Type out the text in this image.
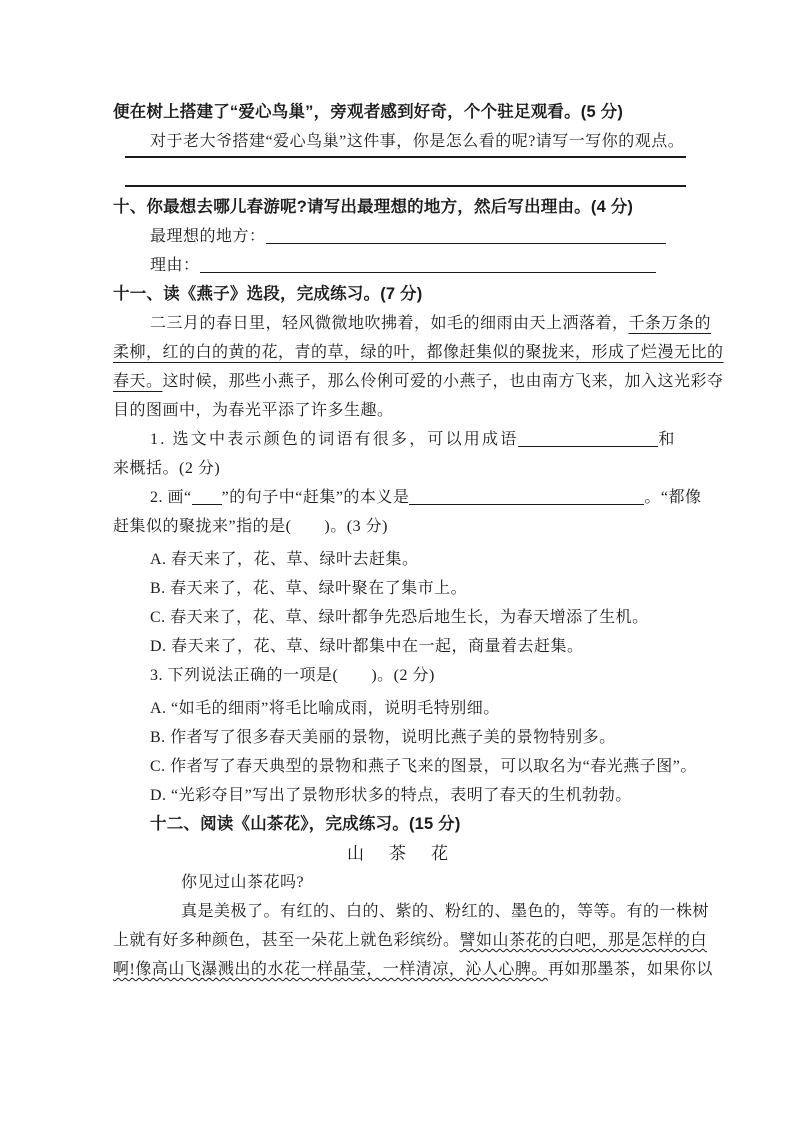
便在树上搭建了“爱心鸟巢”，旁观者感到好奇，个个驻足观看。(5 分)
对于老大爷搭建“爱心鸟巢”这件事，你是怎么看的呢?请写一写你的观点。
十、你最想去哪儿春游呢?请写出最理想的地方，然后写出理由。(4 分)
最理想的地方：
理由：
十一、读《燕子》选段，完成练习。(7 分)
二三月的春日里，轻风微微地吹拂着，如毛的细雨由天上洒落着，千条万条的
柔柳，红的白的黄的花，青的草，绿的叶，都像赶集似的聚拢来，形成了烂漫无比的
春天。这时候，那些小燕子，那么伶俐可爱的小燕子，也由南方飞来，加入这光彩夺
目的图画中，为春光平添了许多生趣。
1. 选文中表示颜色的词语有很多，可以用成语	和
来概括。(2 分)
2. 画“ ”的句子中“赶集”的本义是	。“都像
赶集似的聚拢来”指的是(　　)。(3 分)
A. 春天来了，花、草、绿叶去赶集。
B. 春天来了，花、草、绿叶聚在了集市上。
C. 春天来了，花、草、绿叶都争先恐后地生长，为春天增添了生机。
D. 春天来了，花、草、绿叶都集中在一起，商量着去赶集。
3. 下列说法正确的一项是(　　)。(2 分)
A. “如毛的细雨”将毛比喻成雨，说明毛特别细。
B. 作者写了很多春天美丽的景物，说明比燕子美的景物特别多。
C. 作者写了春天典型的景物和燕子飞来的图景，可以取名为“春光燕子图”。
D. “光彩夺目”写出了景物形状多的特点，表明了春天的生机勃勃。
十二、阅读《山茶花》，完成练习。(15 分)
山　茶　花
你见过山茶花吗?
真是美极了。有红的、白的、紫的、粉红的、墨色的，等等。有的一株树
上就有好多种颜色，甚至一朵花上就色彩缤纷。譬如山茶花的白吧，那是怎样的白
啊!像高山飞瀑溅出的水花一样晶莹，一样清凉，沁人心脾。再如那墨茶，如果你以
